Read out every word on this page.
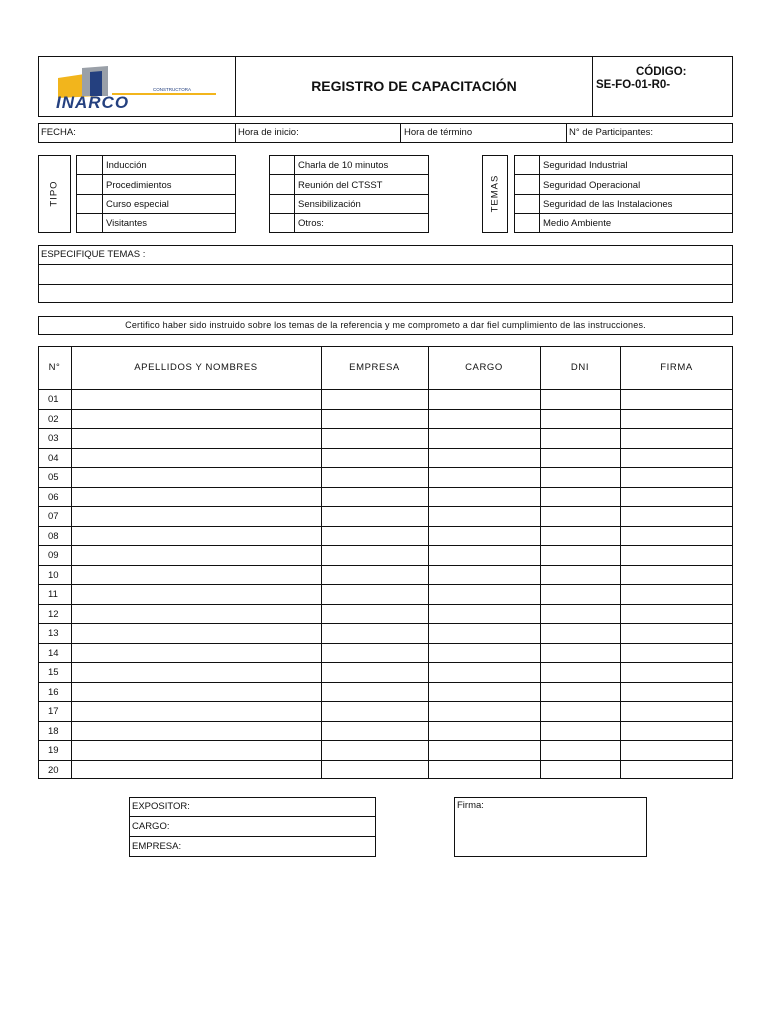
CONSTRUCTORA
INARCO
REGISTRO DE CAPACITACIÓN
CÓDIGO:
SE-FO-01-R0-
FECHA:	Hora de inicio:	Hora de término	N° de Participantes:
TIPO
Inducción
Procedimientos
Curso especial
Visitantes
Charla de 10 minutos
Reunión del CTSST
Sensibilización
Otros:
TEMAS
Seguridad Industrial
Seguridad Operacional
Seguridad de las Instalaciones
Medio Ambiente
ESPECIFIQUE TEMAS :
Certifico haber sido instruido sobre los temas de la referencia y me comprometo a dar fiel cumplimiento de las instrucciones.
N°	APELLIDOS Y NOMBRES	EMPRESA	CARGO	DNI	FIRMA
01
02
03
04
05
06
07
08
09
10
11
12
13
14
15
16
17
18
19
20
EXPOSITOR:
CARGO:
EMPRESA:
Firma:
